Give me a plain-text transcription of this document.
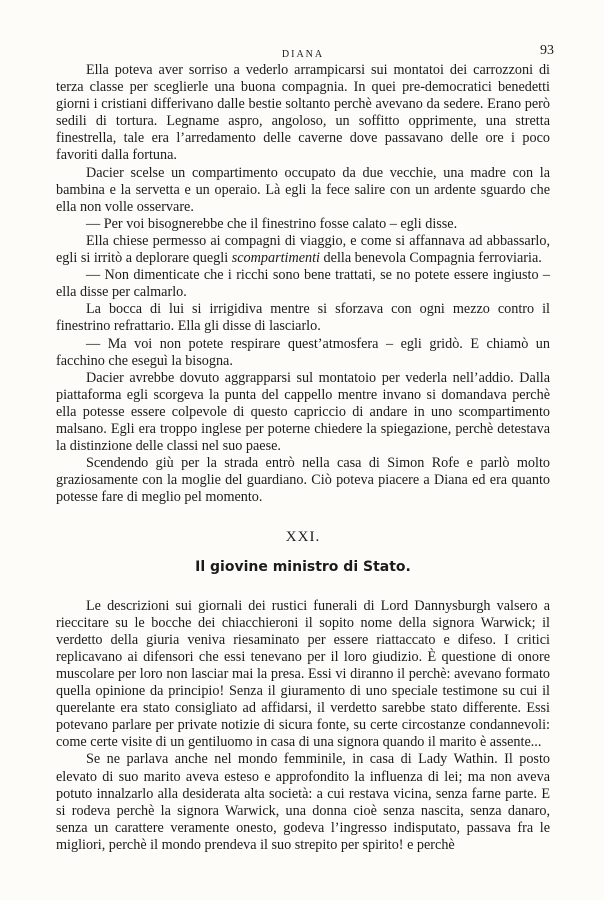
DIANA	93

Ella poteva aver sorriso a vederlo arrampicarsi sui montatoi dei carrozzoni di terza classe per sceglierle una buona compagnia. In quei pre-democratici benedetti giorni i cristiani differivano dalle bestie soltanto perchè avevano da sedere. Erano però sedili di tortura. Legname aspro, angoloso, un soffitto opprimente, una stretta finestrella, tale era l’arredamento delle caverne dove passavano delle ore i poco favoriti dalla fortuna.

Dacier scelse un compartimento occupato da due vecchie, una madre con la bambina e la servetta e un operaio. Là egli la fece salire con un ardente sguardo che ella non volle osservare.

— Per voi bisognerebbe che il finestrino fosse calato – egli disse.

Ella chiese permesso ai compagni di viaggio, e come si affannava ad abbassarlo, egli si irritò a deplorare quegli scompartimenti della benevola Compagnia ferroviaria.

— Non dimenticate che i ricchi sono bene trattati, se no potete essere ingiusto – ella disse per calmarlo.

La bocca di lui si irrigidiva mentre si sforzava con ogni mezzo contro il finestrino refrattario. Ella gli disse di lasciarlo.

— Ma voi non potete respirare quest’atmosfera – egli gridò. E chiamò un facchino che eseguì la bisogna.

Dacier avrebbe dovuto aggrapparsi sul montatoio per vederla nell’addio. Dalla piattaforma egli scorgeva la punta del cappello mentre invano si domandava perchè ella potesse essere colpevole di questo capriccio di andare in uno scompartimento malsano. Egli era troppo inglese per poterne chiedere la spiegazione, perchè detestava la distinzione delle classi nel suo paese.

Scendendo giù per la strada entrò nella casa di Simon Rofe e parlò molto graziosamente con la moglie del guardiano. Ciò poteva piacere a Diana ed era quanto potesse fare di meglio pel momento.

XXI.
Il giovine ministro di Stato.

Le descrizioni sui giornali dei rustici funerali di Lord Dannysburgh valsero a rieccitare su le bocche dei chiacchieroni il sopito nome della signora Warwick; il verdetto della giuria veniva riesaminato per essere riattaccato e difeso. I critici replicavano ai difensori che essi tenevano per il loro giudizio. È questione di onore muscolare per loro non lasciar mai la presa. Essi vi diranno il perchè: avevano formato quella opinione da principio! Senza il giuramento di uno speciale testimone su cui il querelante era stato consigliato ad affidarsi, il verdetto sarebbe stato differente. Essi potevano parlare per private notizie di sicura fonte, su certe circostanze condannevoli: come certe visite di un gentiluomo in casa di una signora quando il marito è assente...

Se ne parlava anche nel mondo femminile, in casa di Lady Wathin. Il posto elevato di suo marito aveva esteso e approfondito la influenza di lei; ma non aveva potuto innalzarlo alla desiderata alta società: a cui restava vicina, senza farne parte. E si rodeva perchè la signora Warwick, una donna cioè senza nascita, senza danaro, senza un carattere veramente onesto, godeva l’ingresso indisputato, passava fra le migliori, perchè il mondo prendeva il suo strepito per spirito! e perchè
